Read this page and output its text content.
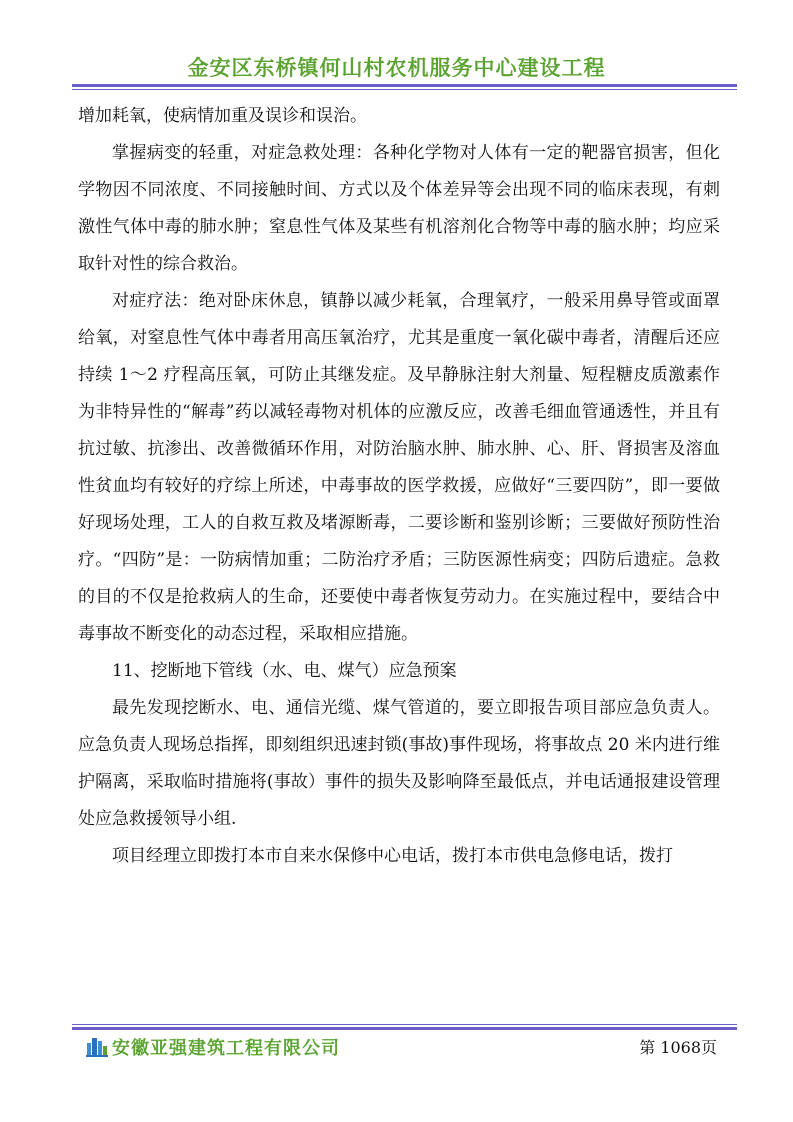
金安区东桥镇何山村农机服务中心建设工程

增加耗氧，使病情加重及误诊和误治。

掌握病变的轻重，对症急救处理：各种化学物对人体有一定的靶器官损害，但化学物因不同浓度、不同接触时间、方式以及个体差异等会出现不同的临床表现，有刺激性气体中毒的肺水肿；窒息性气体及某些有机溶剂化合物等中毒的脑水肿；均应采取针对性的综合救治。

对症疗法：绝对卧床休息，镇静以减少耗氧，合理氧疗，一般采用鼻导管或面罩给氧，对窒息性气体中毒者用高压氧治疗，尤其是重度一氧化碳中毒者，清醒后还应持续 1～2 疗程高压氧，可防止其继发症。及早静脉注射大剂量、短程糖皮质激素作为非特异性的“解毒”药以减轻毒物对机体的应激反应，改善毛细血管通透性，并且有抗过敏、抗渗出、改善微循环作用，对防治脑水肿、肺水肿、心、肝、肾损害及溶血性贫血均有较好的疗综上所述，中毒事故的医学救援，应做好“三要四防”，即一要做好现场处理，工人的自救互救及堵源断毒，二要诊断和鉴别诊断；三要做好预防性治疗。“四防”是：一防病情加重；二防治疗矛盾；三防医源性病变；四防后遗症。急救的目的不仅是抢救病人的生命，还要使中毒者恢复劳动力。在实施过程中，要结合中毒事故不断变化的动态过程，采取相应措施。

11、挖断地下管线（水、电、煤气）应急预案

最先发现挖断水、电、通信光缆、煤气管道的，要立即报告项目部应急负责人。应急负责人现场总指挥，即刻组织迅速封锁(事故)事件现场，将事故点 20 米内进行维护隔离，采取临时措施将(事故）事件的损失及影响降至最低点，并电话通报建设管理处应急救援领导小组.

项目经理立即拨打本市自来水保修中心电话，拨打本市供电急修电话，拨打

安徽亚强建筑工程有限公司	第 1068页
